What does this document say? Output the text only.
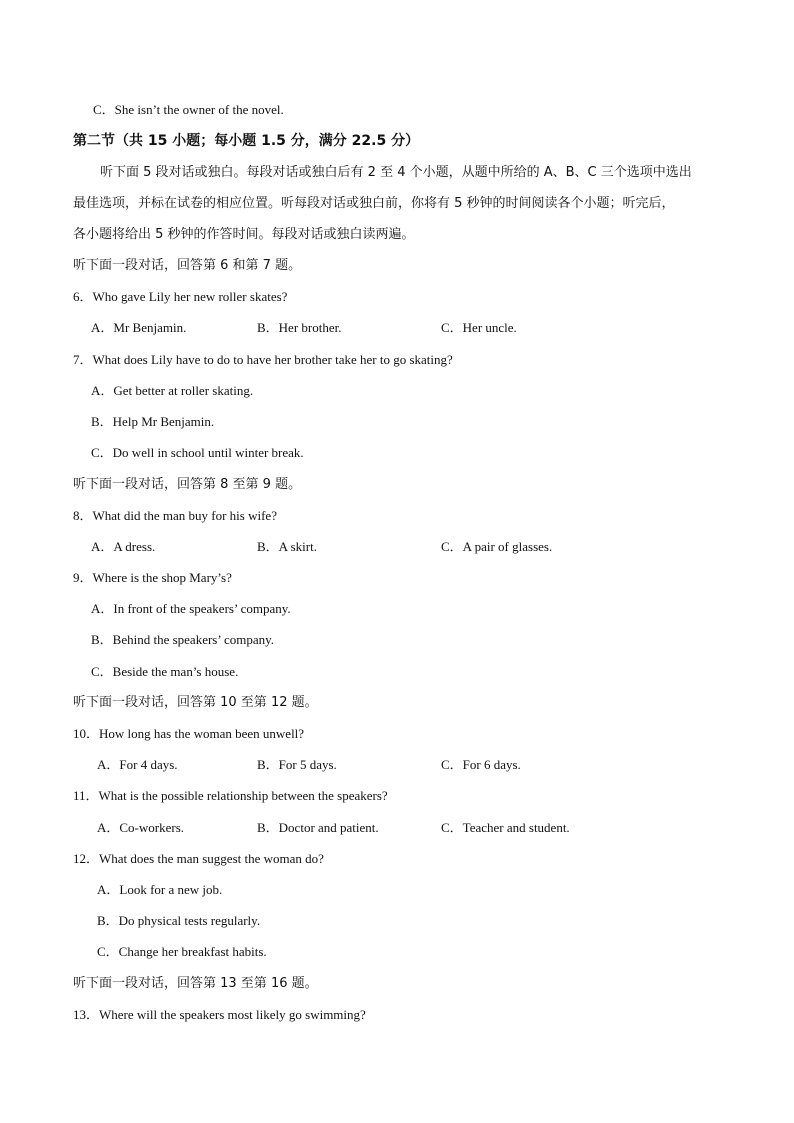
C．She isn’t the owner of the novel.
第二节（共 15 小题；每小题 1.5 分，满分 22.5 分）
听下面 5 段对话或独白。每段对话或独白后有 2 至 4 个小题，从题中所给的 A、B、C 三个选项中选出
最佳选项，并标在试卷的相应位置。听每段对话或独白前，你将有 5 秒钟的时间阅读各个小题；听完后，
各小题将给出 5 秒钟的作答时间。每段对话或独白读两遍。
听下面一段对话，回答第 6 和第 7 题。
6．Who gave Lily her new roller skates?
A．Mr Benjamin.	B．Her brother.	C．Her uncle.
7．What does Lily have to do to have her brother take her to go skating?
A．Get better at roller skating.
B．Help Mr Benjamin.
C．Do well in school until winter break.
听下面一段对话，回答第 8 至第 9 题。
8．What did the man buy for his wife?
A．A dress.	B．A skirt.	C．A pair of glasses.
9．Where is the shop Mary’s?
A．In front of the speakers’ company.
B．Behind the speakers’ company.
C．Beside the man’s house.
听下面一段对话，回答第 10 至第 12 题。
10．How long has the woman been unwell?
A．For 4 days.	B．For 5 days.	C．For 6 days.
11．What is the possible relationship between the speakers?
A．Co-workers.	B．Doctor and patient.	C．Teacher and student.
12．What does the man suggest the woman do?
A．Look for a new job.
B．Do physical tests regularly.
C．Change her breakfast habits.
听下面一段对话，回答第 13 至第 16 题。
13．Where will the speakers most likely go swimming?
